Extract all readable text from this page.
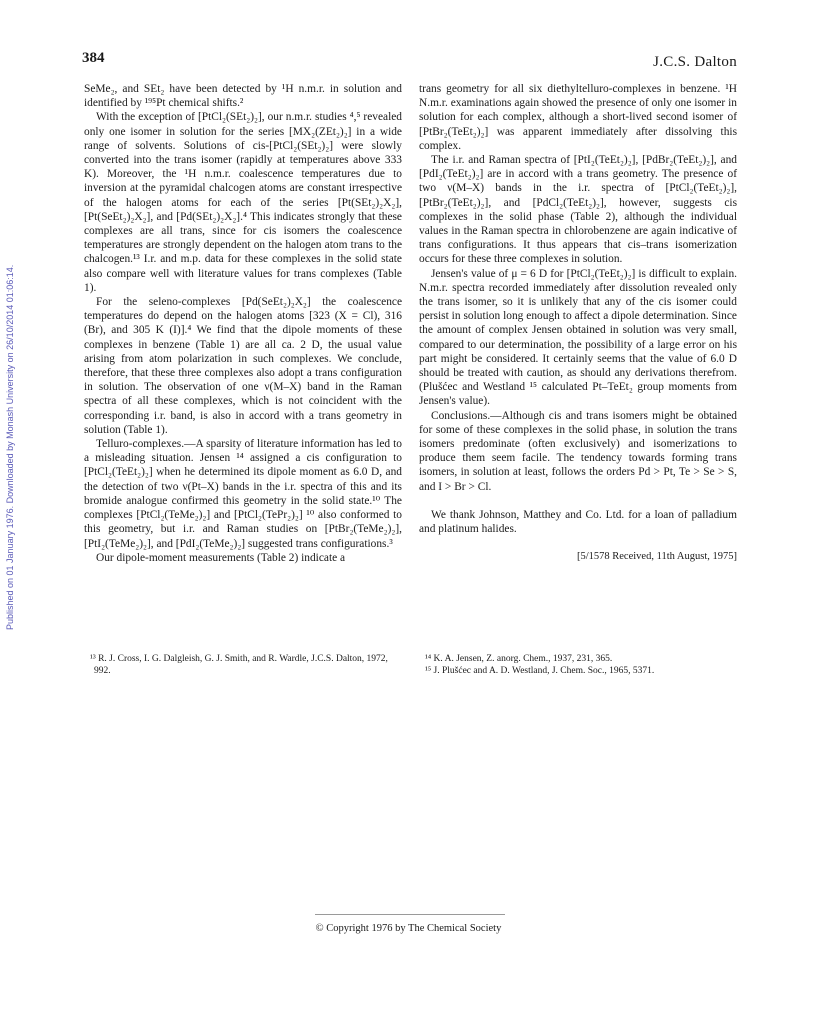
Published on 01 January 1976. Downloaded by Monash University on 26/10/2014 01:06:14.
384	J.C.S. Dalton

SeMe₂, and SEt₂ have been detected by ¹H n.m.r. in solution and identified by ¹⁹⁵Pt chemical shifts.²

With the exception of [PtCl₂(SEt₂)₂], our n.m.r. studies ⁴,⁵ revealed only one isomer in solution for the series [MX₂(ZEt₂)₂] in a wide range of solvents. Solutions of cis-[PtCl₂(SEt₂)₂] were slowly converted into the trans isomer (rapidly at temperatures above 333 K). Moreover, the ¹H n.m.r. coalescence temperatures due to inversion at the pyramidal chalcogen atoms are constant irrespective of the halogen atoms for each of the series [Pt(SEt₂)₂X₂], [Pt(SeEt₂)₂X₂], and [Pd(SEt₂)₂X₂].⁴ This indicates strongly that these complexes are all trans, since for cis isomers the coalescence temperatures are strongly dependent on the halogen atom trans to the chalcogen.¹³ I.r. and m.p. data for these complexes in the solid state also compare well with literature values for trans complexes (Table 1).

For the seleno-complexes [Pd(SeEt₂)₂X₂] the coalescence temperatures do depend on the halogen atoms [323 (X = Cl), 316 (Br), and 305 K (I)].⁴ We find that the dipole moments of these complexes in benzene (Table 1) are all ca. 2 D, the usual value arising from atom polarization in such complexes. We conclude, therefore, that these three complexes also adopt a trans configuration in solution. The observation of one ν(M–X) band in the Raman spectra of all these complexes, which is not coincident with the corresponding i.r. band, is also in accord with a trans geometry in solution (Table 1).

Telluro-complexes.—A sparsity of literature information has led to a misleading situation. Jensen ¹⁴ assigned a cis configuration to [PtCl₂(TeEt₂)₂] when he determined its dipole moment as 6.0 D, and the detection of two ν(Pt–X) bands in the i.r. spectra of this and its bromide analogue confirmed this geometry in the solid state.¹⁰ The complexes [PtCl₂(TeMe₂)₂] and [PtCl₂(TePr₂)₂] ¹⁰ also conformed to this geometry, but i.r. and Raman studies on [PtBr₂(TeMe₂)₂], [PtI₂(TeMe₂)₂], and [PdI₂(TeMe₂)₂] suggested trans configurations.³

Our dipole-moment measurements (Table 2) indicate a

trans geometry for all six diethyltelluro-complexes in benzene. ¹H N.m.r. examinations again showed the presence of only one isomer in solution for each complex, although a short-lived second isomer of [PtBr₂(TeEt₂)₂] was apparent immediately after dissolving this complex.

The i.r. and Raman spectra of [PtI₂(TeEt₂)₂], [PdBr₂(TeEt₂)₂], and [PdI₂(TeEt₂)₂] are in accord with a trans geometry. The presence of two ν(M–X) bands in the i.r. spectra of [PtCl₂(TeEt₂)₂], [PtBr₂(TeEt₂)₂], and [PdCl₂(TeEt₂)₂], however, suggests cis complexes in the solid phase (Table 2), although the individual values in the Raman spectra in chlorobenzene are again indicative of trans configurations. It thus appears that cis–trans isomerization occurs for these three complexes in solution.

Jensen's value of μ = 6 D for [PtCl₂(TeEt₂)₂] is difficult to explain. N.m.r. spectra recorded immediately after dissolution revealed only the trans isomer, so it is unlikely that any of the cis isomer could persist in solution long enough to affect a dipole determination. Since the amount of complex Jensen obtained in solution was very small, compared to our determination, the possibility of a large error on his part might be considered. It certainly seems that the value of 6.0 D should be treated with caution, as should any derivations therefrom. (Plušćec and Westland ¹⁵ calculated Pt–TeEt₂ group moments from Jensen's value).

Conclusions.—Although cis and trans isomers might be obtained for some of these complexes in the solid phase, in solution the trans isomers predominate (often exclusively) and isomerizations to produce them seem facile. The tendency towards forming trans isomers, in solution at least, follows the orders Pd > Pt, Te > Se > S, and I > Br > Cl.

We thank Johnson, Matthey and Co. Ltd. for a loan of palladium and platinum halides.

[5/1578 Received, 11th August, 1975]

¹³ R. J. Cross, I. G. Dalgleish, G. J. Smith, and R. Wardle, J.C.S. Dalton, 1972, 992.

¹⁴ K. A. Jensen, Z. anorg. Chem., 1937, 231, 365.

¹⁵ J. Plušćec and A. D. Westland, J. Chem. Soc., 1965, 5371.

© Copyright 1976 by The Chemical Society
